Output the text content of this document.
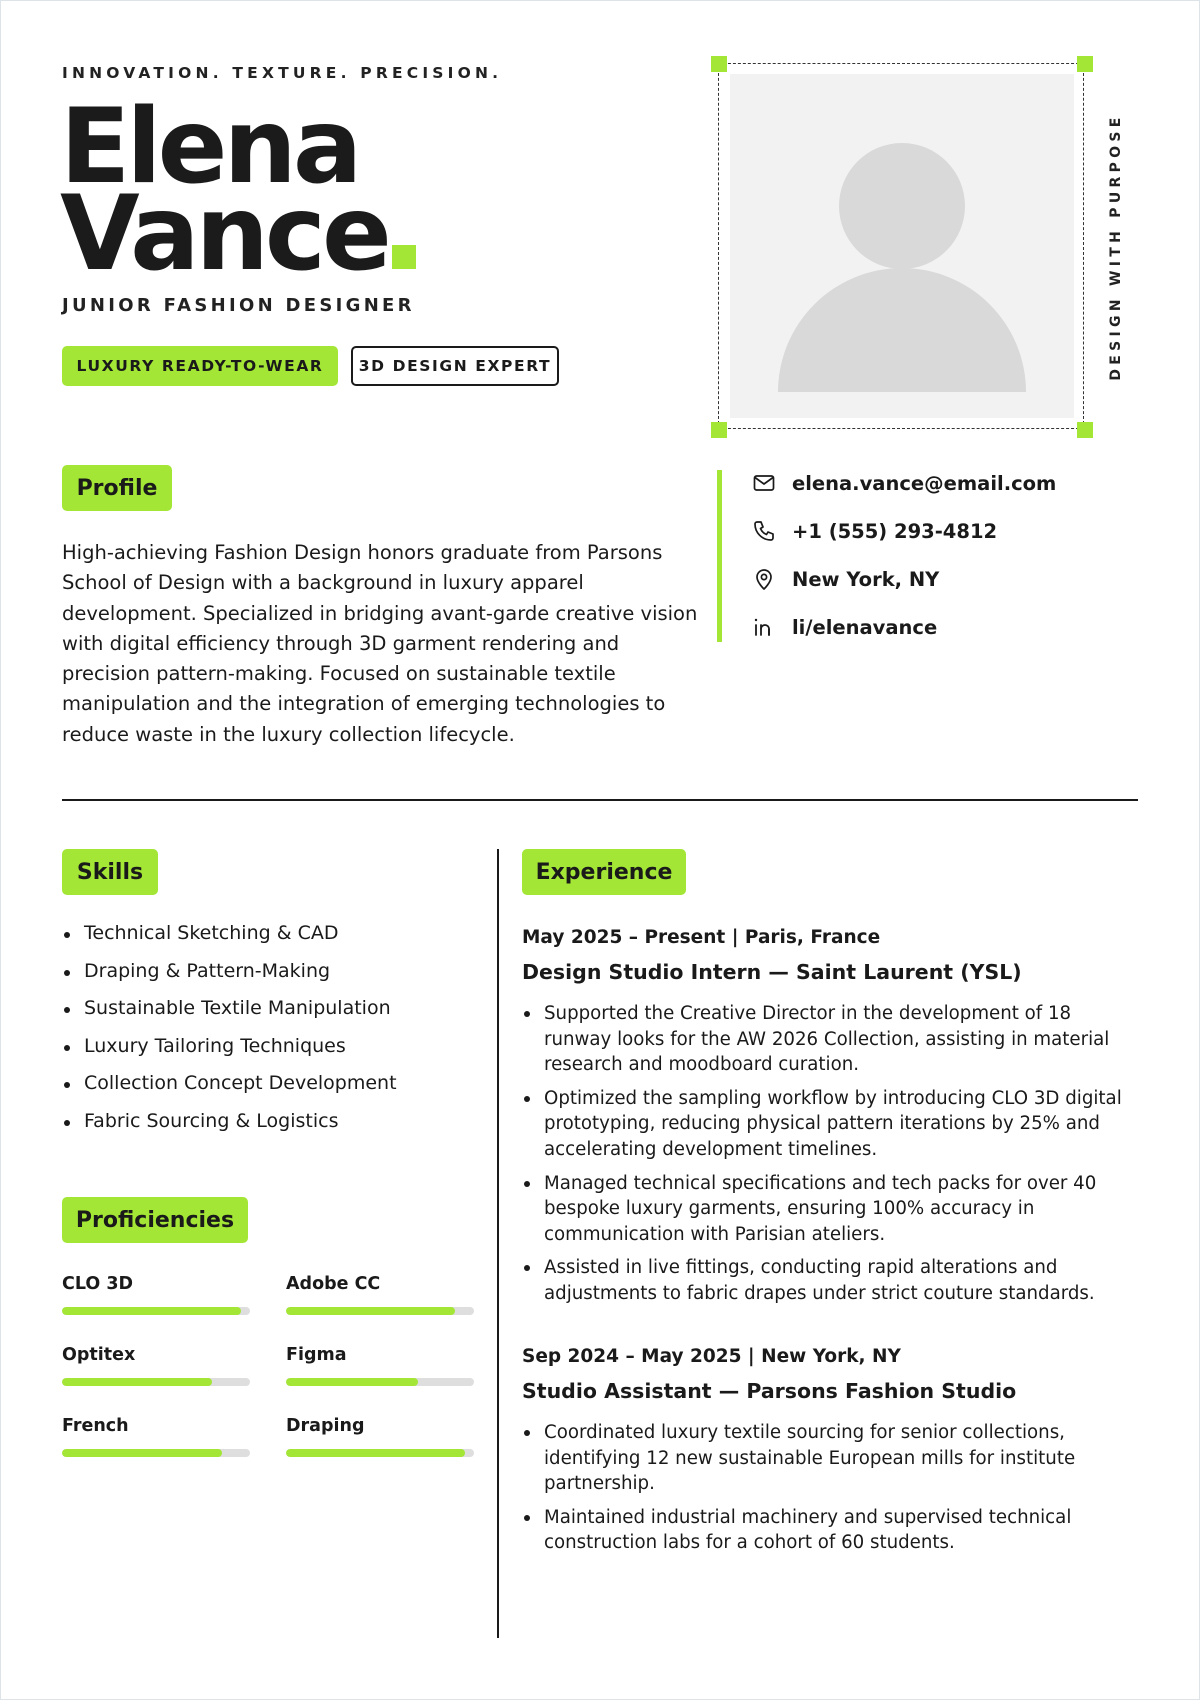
INNOVATION. TEXTURE. PRECISION.
Elena
Vance
JUNIOR FASHION DESIGNER
LUXURY READY-TO-WEAR	3D DESIGN EXPERT	DESIGN WITH PURPOSE
elena.vance@email.com
+1 (555) 293-4812
New York, NY
li/elenavance
Profile
High-achieving Fashion Design honors graduate from Parsons School of Design with a background in luxury apparel development. Specialized in bridging avant-garde creative vision with digital efficiency through 3D garment rendering and precision pattern-making. Focused on sustainable textile manipulation and the integration of emerging technologies to reduce waste in the luxury collection lifecycle.
Skills
Technical Sketching & CAD
Draping & Pattern-Making
Sustainable Textile Manipulation
Luxury Tailoring Techniques
Collection Concept Development
Fabric Sourcing & Logistics
Proficiencies
CLO 3D	Adobe CC
Optitex	Figma
French	Draping
Experience
May 2025 – Present | Paris, France
Design Studio Intern — Saint Laurent (YSL)
Supported the Creative Director in the development of 18 runway looks for the AW 2026 Collection, assisting in material research and moodboard curation.
Optimized the sampling workflow by introducing CLO 3D digital prototyping, reducing physical pattern iterations by 25% and accelerating development timelines.
Managed technical specifications and tech packs for over 40 bespoke luxury garments, ensuring 100% accuracy in communication with Parisian ateliers.
Assisted in live fittings, conducting rapid alterations and adjustments to fabric drapes under strict couture standards.
Sep 2024 – May 2025 | New York, NY
Studio Assistant — Parsons Fashion Studio
Coordinated luxury textile sourcing for senior collections, identifying 12 new sustainable European mills for institute partnership.
Maintained industrial machinery and supervised technical construction labs for a cohort of 60 students.
